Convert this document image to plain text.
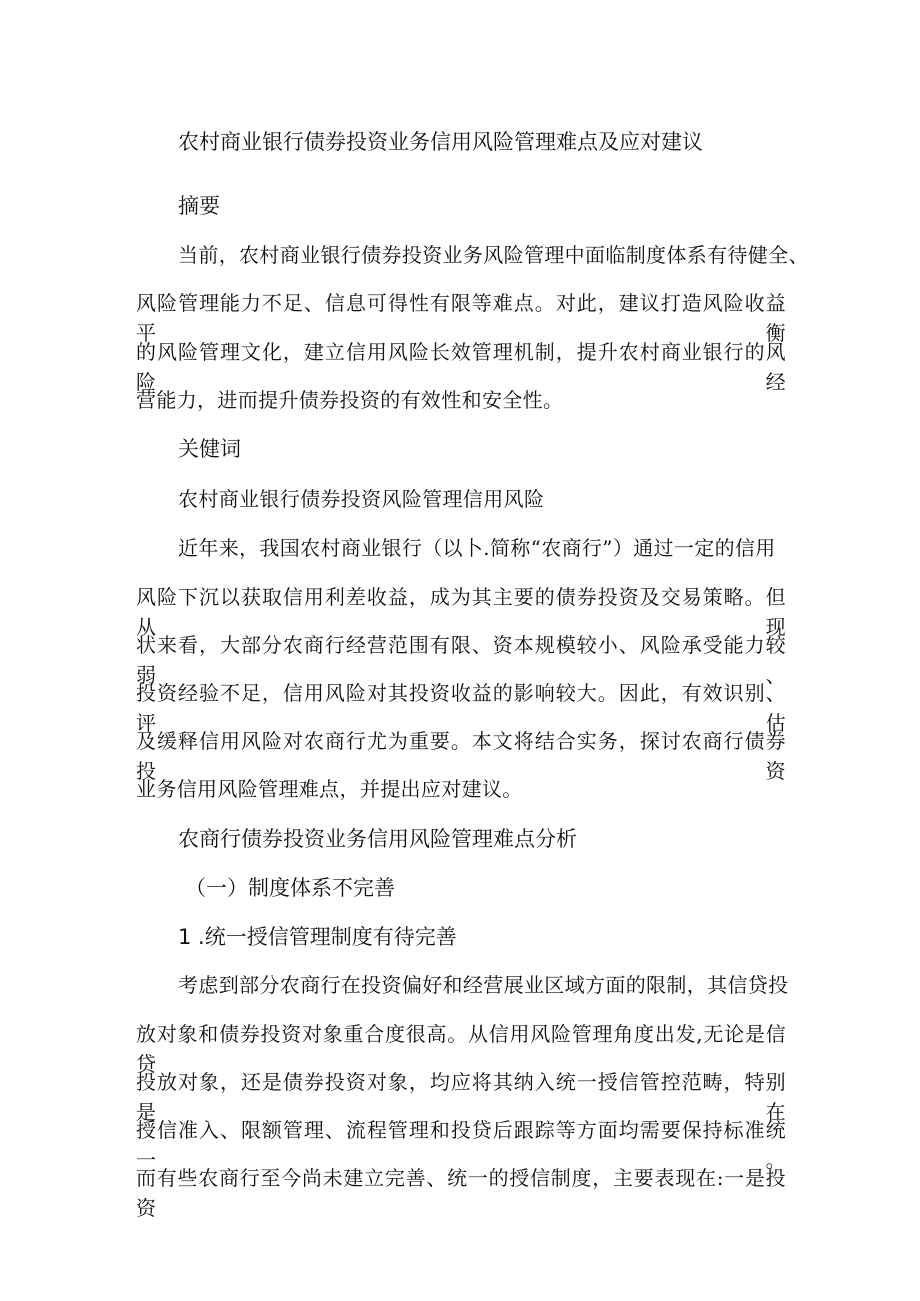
农村商业银行债券投资业务信用风险管理难点及应对建议
摘要
当前，农村商业银行债券投资业务风险管理中面临制度体系有待健全、
风险管理能力不足、信息可得性有限等难点。对此，建议打造风险收益平衡
的风险管理文化，建立信用风险长效管理机制，提升农村商业银行的风险经
营能力，进而提升债券投资的有效性和安全性。
关健词
农村商业银行债券投资风险管理信用风险
近年来，我国农村商业银行（以卜.简称“农商行”）通过一定的信用
风险下沉以获取信用利差收益，成为其主要的债券投资及交易策略。但从现
状来看，大部分农商行经营范围有限、资本规模较小、风险承受能力较弱、
投资经验不足，信用风险对其投资收益的影响较大。因此，有效识别、评估
及缓释信用风险对农商行尤为重要。本文将结合实务，探讨农商行债券投资
业务信用风险管理难点，并提出应对建议。
农商行债券投资业务信用风险管理难点分析
（一）制度体系不完善
1 .统一授信管理制度有待完善
考虑到部分农商行在投资偏好和经营展业区域方面的限制，其信贷投
放对象和债券投资对象重合度很高。从信用风险管理角度出发,无论是信贷
投放对象，还是债券投资对象，均应将其纳入统一授信管控范畴，特别是在
授信准入、限额管理、流程管理和投贷后跟踪等方面均需要保持标准统一。
而有些农商行至今尚未建立完善、统一的授信制度，主要表现在:一是投资
